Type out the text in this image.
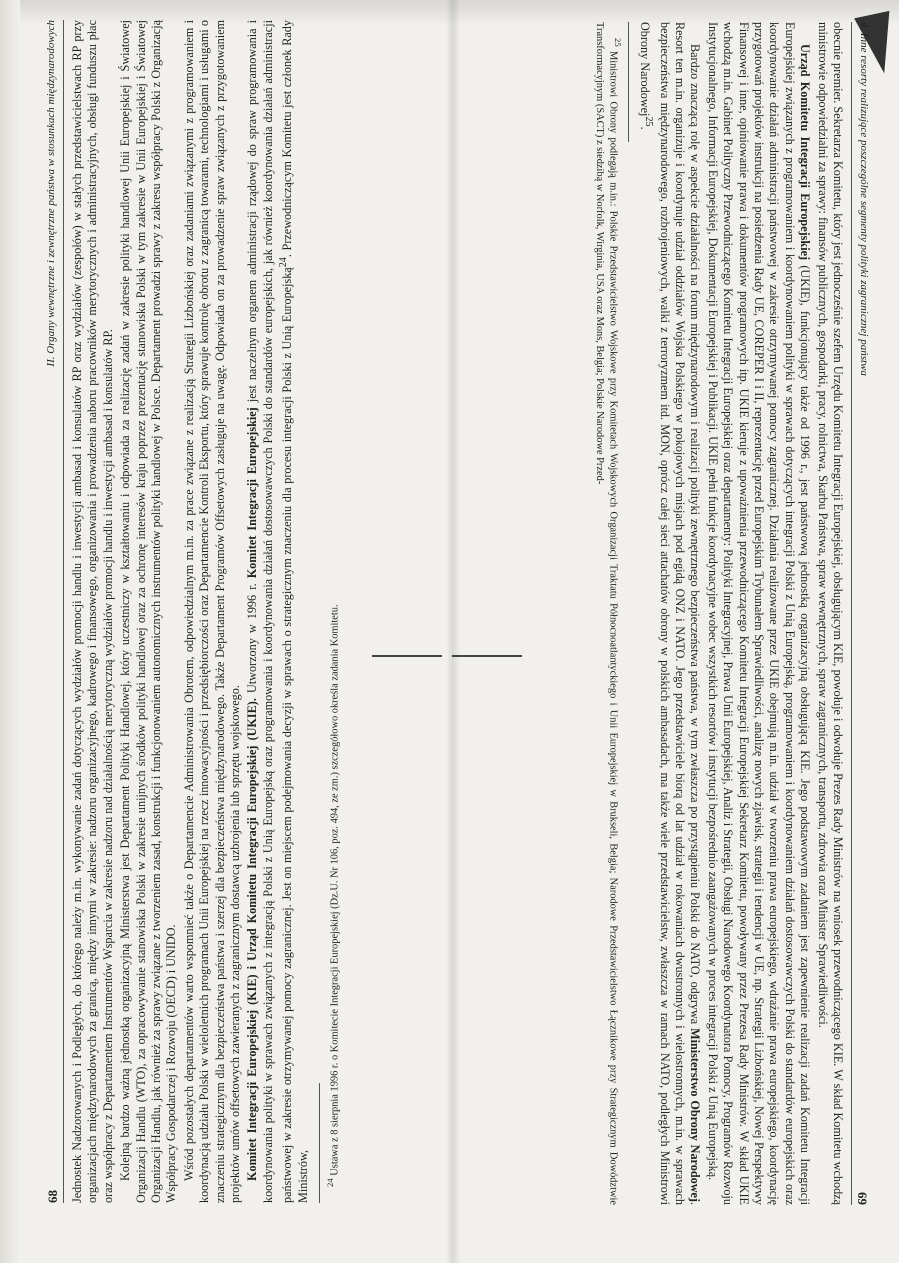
68
II. Organy wewnętrzne i zewnętrzne państwa w stosunkach międzynarodowych	Jednostek Nadzorowanych i Podległych, do którego należy m.in. wykonywanie zadań dotyczących wydziałów promocji handlu i inwestycji ambasad i konsulatów RP oraz wydziałów (zespołów) w stałych przedstawicielstwach RP przy organizacjach międzynarodowych za granicą, między innymi w zakresie: nadzoru organizacyjnego, kadrowego i finansowego, organizowania i prowadzenia naboru pracowników merytorycznych i administracyjnych, obsługi funduszu płac oraz współpracy z Departamentem Instrumentów Wsparcia w zakresie nadzoru nad działalnością merytoryczną wydziałów promocji handlu i inwestycji ambasad i konsulatów RP. Kolejną bardzo ważną jednostką organizacyjną Ministerstwa jest Departament Polityki Handlowej, który uczestniczy w kształtowaniu i odpowiada za realizację zadań w zakresie polityki handlowej Unii Europejskiej i Światowej Organizacji Handlu (WTO), za opracowywanie stanowiska Polski w zakresie unijnych środków polityki handlowej oraz za ochronę interesów kraju poprzez prezentację stanowiska Polski w tym zakresie w Unii Europejskiej i Światowej Organizacji Handlu, jak również za sprawy związane z tworzeniem zasad, konstrukcji i funkcjonowaniem autonomicznych instrumentów polityki handlowej w Polsce. Departament prowadzi sprawy z zakresu współpracy Polski z Organizacją Współpracy Gospodarczej i Rozwoju (OECD) i UNIDO. Wśród pozostałych departamentów warto wspomnieć także o Departamencie Administrowania Obrotem, odpowiedzialnym m.in. za prace związane z realizacją Strategii Lizbońskiej oraz zadaniami związanymi z programowaniem i koordynacją udziału Polski w wieloletnich programach Unii Europejskiej na rzecz innowacyjności i przedsiębiorczości oraz Departamencie Kontroli Eksportu, który sprawuje kontrolę obrotu z zagranicą towarami, technologiami i usługami o znaczeniu strategicznym dla bezpieczeństwa państwa i szerzej dla bezpieczeństwa międzynarodowego. Także Departament Programów Offsetowych zasługuje na uwagę. Odpowiada on za prowadzenie spraw związanych z przygotowaniem projektów umów offsetowych zawieranych z zagranicznym dostawcą uzbrojenia lub sprzętu wojskowego. Komitet Integracji Europejskiej (KIE) i Urząd Komitetu Integracji Europejskiej (UKIE). Utworzony w 1996 r. Komitet Integracji Europejskiej jest naczelnym organem administracji rządowej do spraw programowania i koordynowania polityki w sprawach związanych z integracją Polski z Unią Europejską oraz programowania i koordynowania działań dostosowawczych Polski do standardów europejskich, jak również koordynowania działań administracji państwowej w zakresie otrzymywanej pomocy zagranicznej. Jest on miejscem podejmowania decyzji w sprawach o strategicznym znaczeniu dla procesu integracji Polski z Unią Europejską$^{24}$. Przewodniczącym Komitetu jest członek Rady Ministrów, $^{24}$ Ustawa z 8 sierpnia 1996 r. o Komitecie Integracji Europejskiej (Dz.U. Nr 106, poz. 494, ze zm.) szczegółowo określa zadania Komitetu.

4. Inne resorty realizujące poszczególne segmenty polityki zagranicznej państwa
69

obecnie premier. Sekretarza Komitetu, który jest jednocześnie szefem Urzędu Komitetu Integracji Europejskiej, obsługującym KIE, powołuje i odwołuje Prezes Rady Ministrów na wniosek przewodniczącego KIE. W skład Komitetu wchodzą ministrowie odpowiedzialni za sprawy: finansów publicznych, gospodarki, pracy, rolnictwa, Skarbu Państwa, spraw wewnętrznych, spraw zagranicznych, transportu, zdrowia oraz Minister Sprawiedliwości.

Urząd Komitetu Integracji Europejskiej (UKIE), funkcjonujący także od 1996 r., jest państwową jednostką organizacyjną obsługującą KIE. Jego podstawowym zadaniem jest zapewnienie realizacji zadań Komitetu Integracji Europejskiej związanych z programowaniem i koordynowaniem polityki w sprawach dotyczących integracji Polski z Unią Europejską, programowaniem i koordynowaniem działań dostosowawczych Polski do standardów europejskich oraz koordynowanie działań administracji państwowej w zakresie otrzymywanej pomocy zagranicznej. Działania realizowane przez UKIE obejmują m.in. udział w tworzeniu prawa europejskiego, wdrażanie prawa europejskiego, koordynację przygotowań projektów instrukcji na posiedzenia Rady UE, COREPER I i II, reprezentację przed Europejskim Trybunałem Sprawiedliwości, analizę nowych zjawisk, strategii i tendencji w UE, np. Strategii Lizbońskiej, Nowej Perspektywy Finansowej i inne, opiniowanie prawa i dokumentów programowych itp. UKIE kieruje z upoważnienia przewodniczącego Komitetu Integracji Europejskiej Sekretarz Komitetu, powoływany przez Prezesa Rady Ministrów. W skład UKIE wchodzą m.in. Gabinet Polityczny Przewodniczącego Komitetu Integracji Europejskiej oraz departamenty: Polityki Integracyjnej, Prawa Unii Europejskiej, Analiz i Strategii, Obsługi Narodowego Koordynatora Pomocy, Programów Rozwoju Instytucjonalnego, Informacji Europejskiej, Dokumentacji Europejskiej i Publikacji. UKIE pełni funkcje koordynacyjne wobec wszystkich resortów i instytucji bezpośrednio zaangażowanych w proces integracji Polski z Unią Europejską.

Bardzo znaczącą rolę w aspekcie działalności na forum międzynarodowym i realizacji polityki zewnętrznego bezpieczeństwa państwa, w tym zwłaszcza po przystąpieniu Polski do NATO, odgrywa Ministerstwo Obrony Narodowej. Resort ten m.in. organizuje i koordynuje udział oddziałów Wojska Polskiego w pokojowych misjach pod egidą ONZ i NATO. Jego przedstawiciele biorą od lat udział w rokowaniach dwustronnych i wielostronnych, m.in. w sprawach bezpieczeństwa międzynarodowego, rozbrojeniowych, walki z terroryzmem itd. MON, oprócz całej sieci attachatów obrony w polskich ambasadach, ma także wiele przedstawicielstw, zwłaszcza w ramach NATO, podległych Ministrowi Obrony Narodowej$^{25}$.

$^{25}$ Ministrowi Obrony podlegają m.in.: Polskie Przedstawicielstwo Wojskowe przy Komitetach Wojskowych Organizacji Traktatu Północnoatlantyckiego i Unii Europejskiej w Brukseli, Belgia; Narodowe Przedstawicielstwo Łącznikowe przy Strategicznym Dowództwie Transformacyjnym (SACT) z siedzibą w Norfolk, Wirginia, USA oraz Mons, Belgia; Polskie Narodowe Przed-
